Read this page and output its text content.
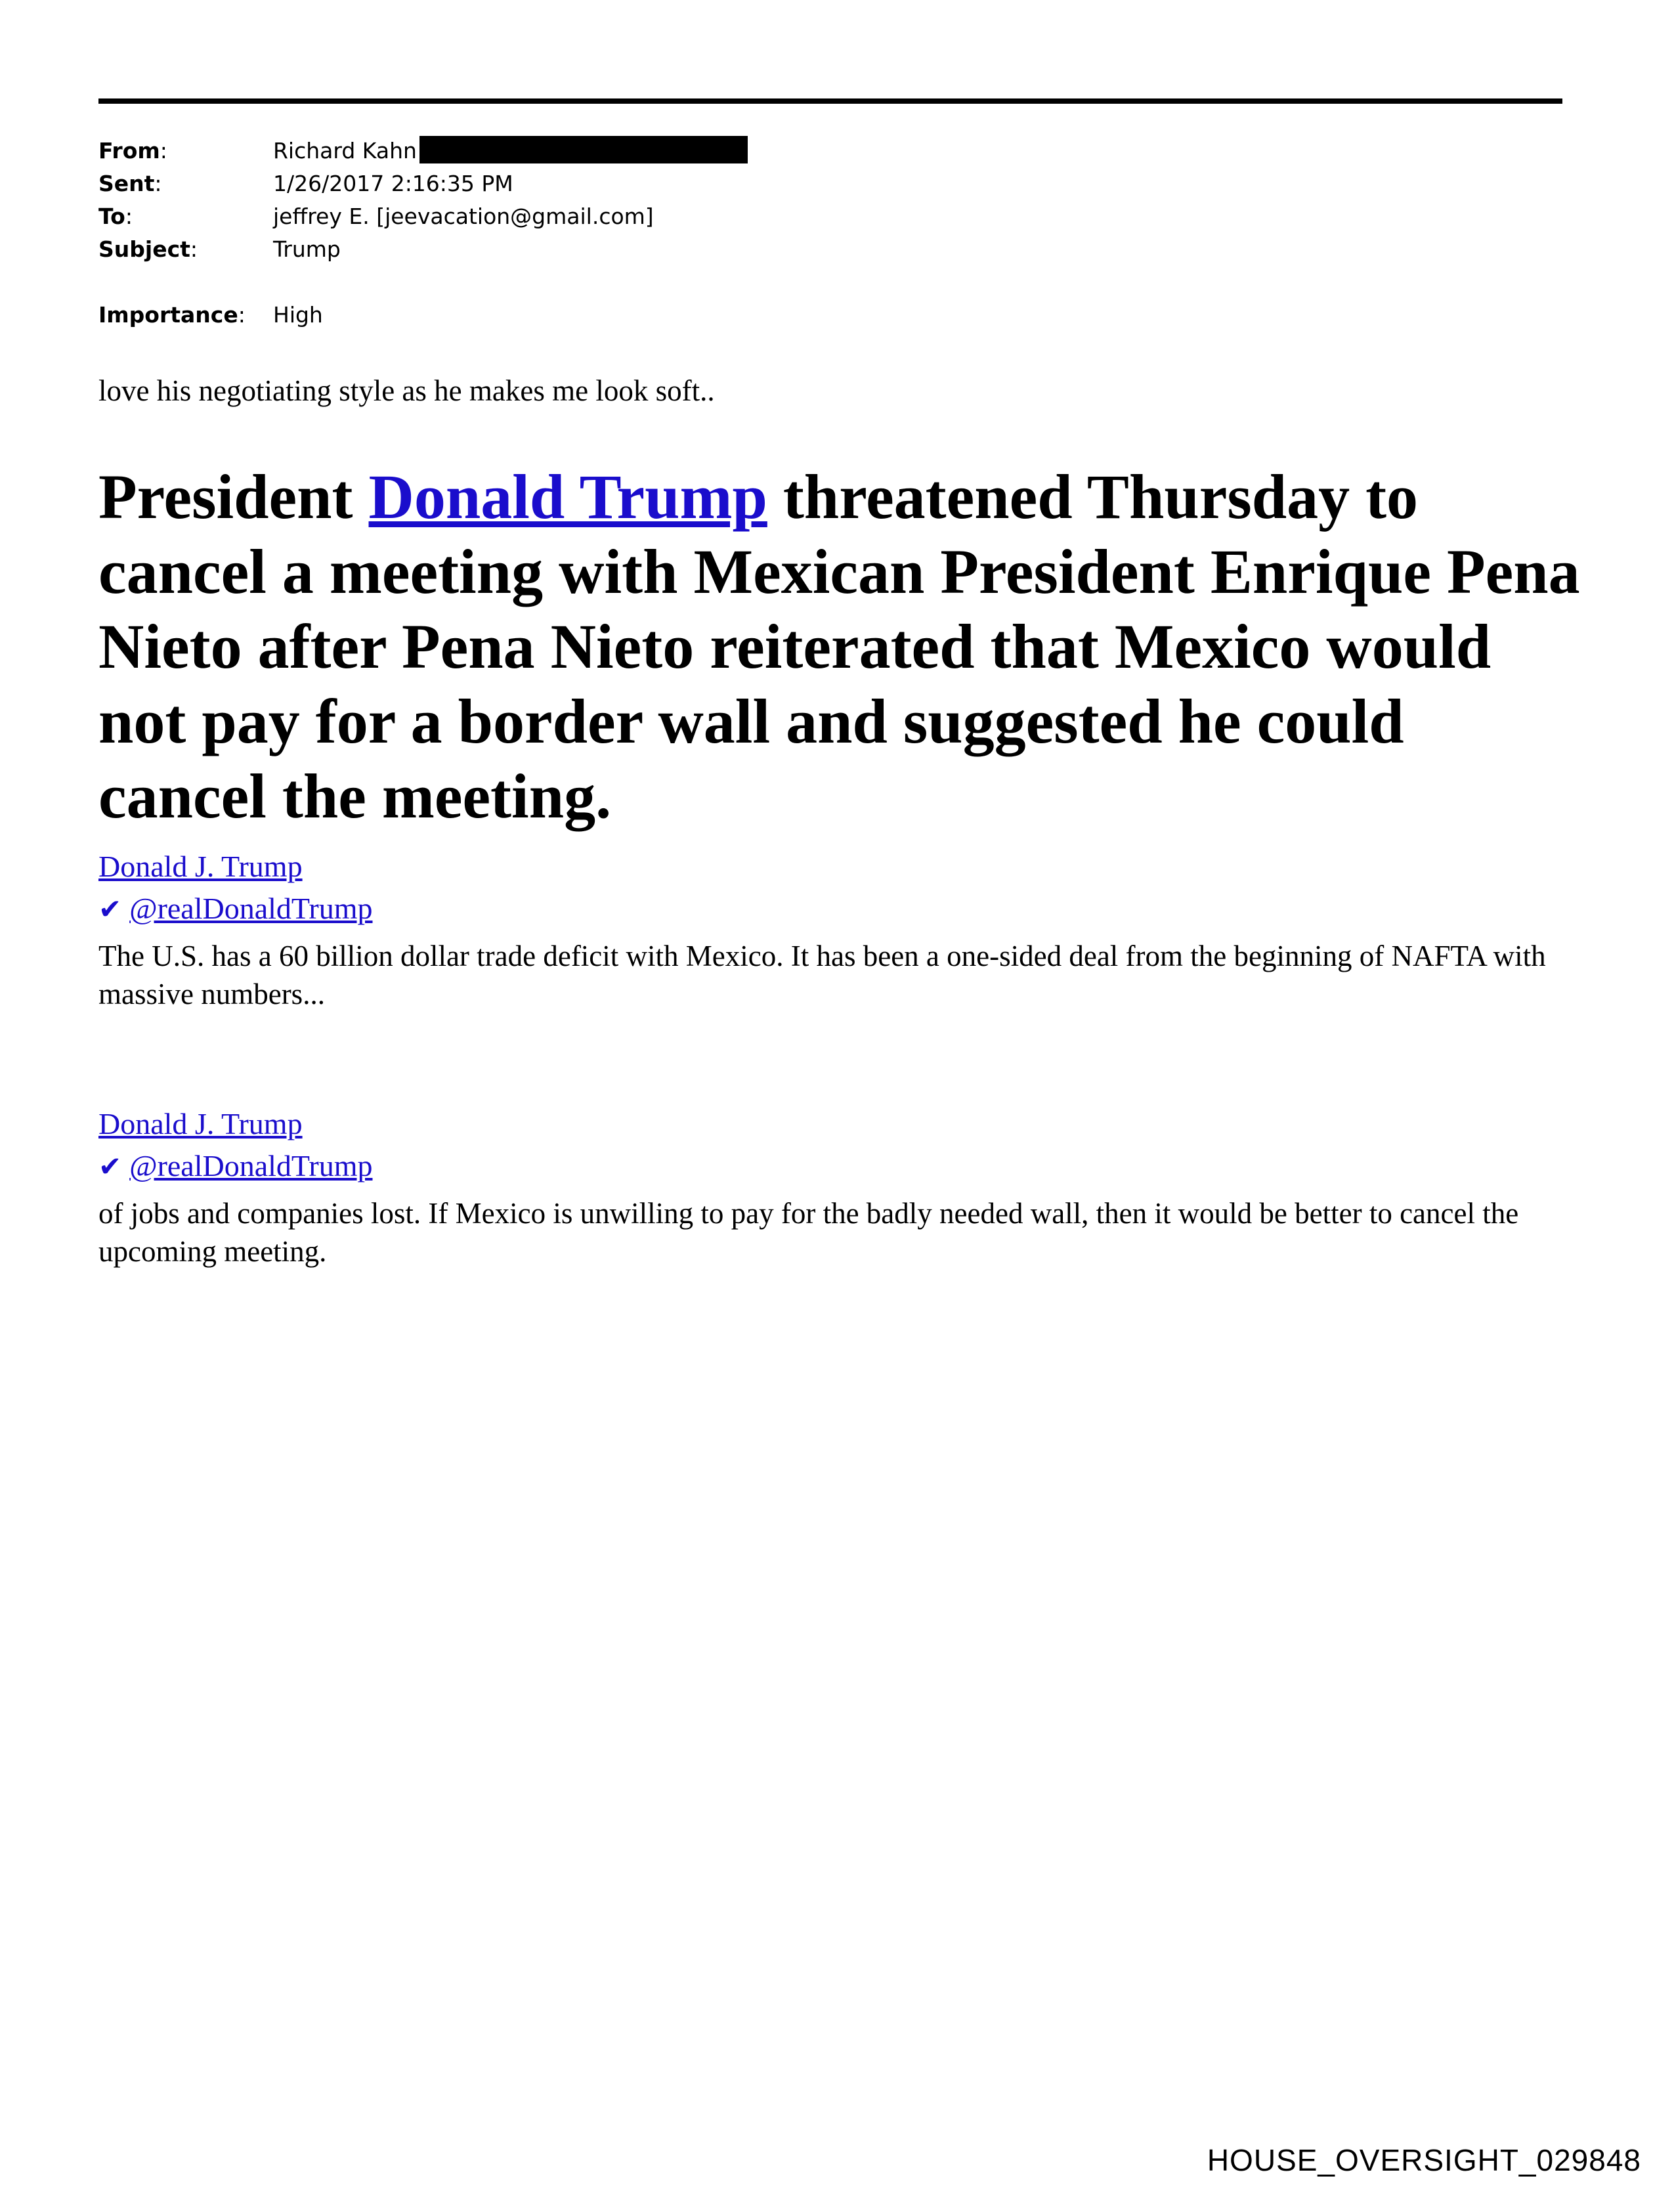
From:	Richard Kahn
Sent:	1/26/2017 2:16:35 PM
To:	jeffrey E. [jeevacation@gmail.com]
Subject:	Trump
Importance: High
love his negotiating style as he makes me look soft..
President Donald Trump threatened Thursday to cancel a meeting with Mexican President Enrique Pena Nieto after Pena Nieto reiterated that Mexico would not pay for a border wall and suggested he could cancel the meeting.
Donald J. Trump
✔ @realDonaldTrump
The U.S. has a 60 billion dollar trade deficit with Mexico. It has been a one-sided deal from the beginning of NAFTA with massive numbers...
Donald J. Trump
✔ @realDonaldTrump
of jobs and companies lost. If Mexico is unwilling to pay for the badly needed wall, then it would be better to cancel the upcoming meeting.
HOUSE_OVERSIGHT_029848
